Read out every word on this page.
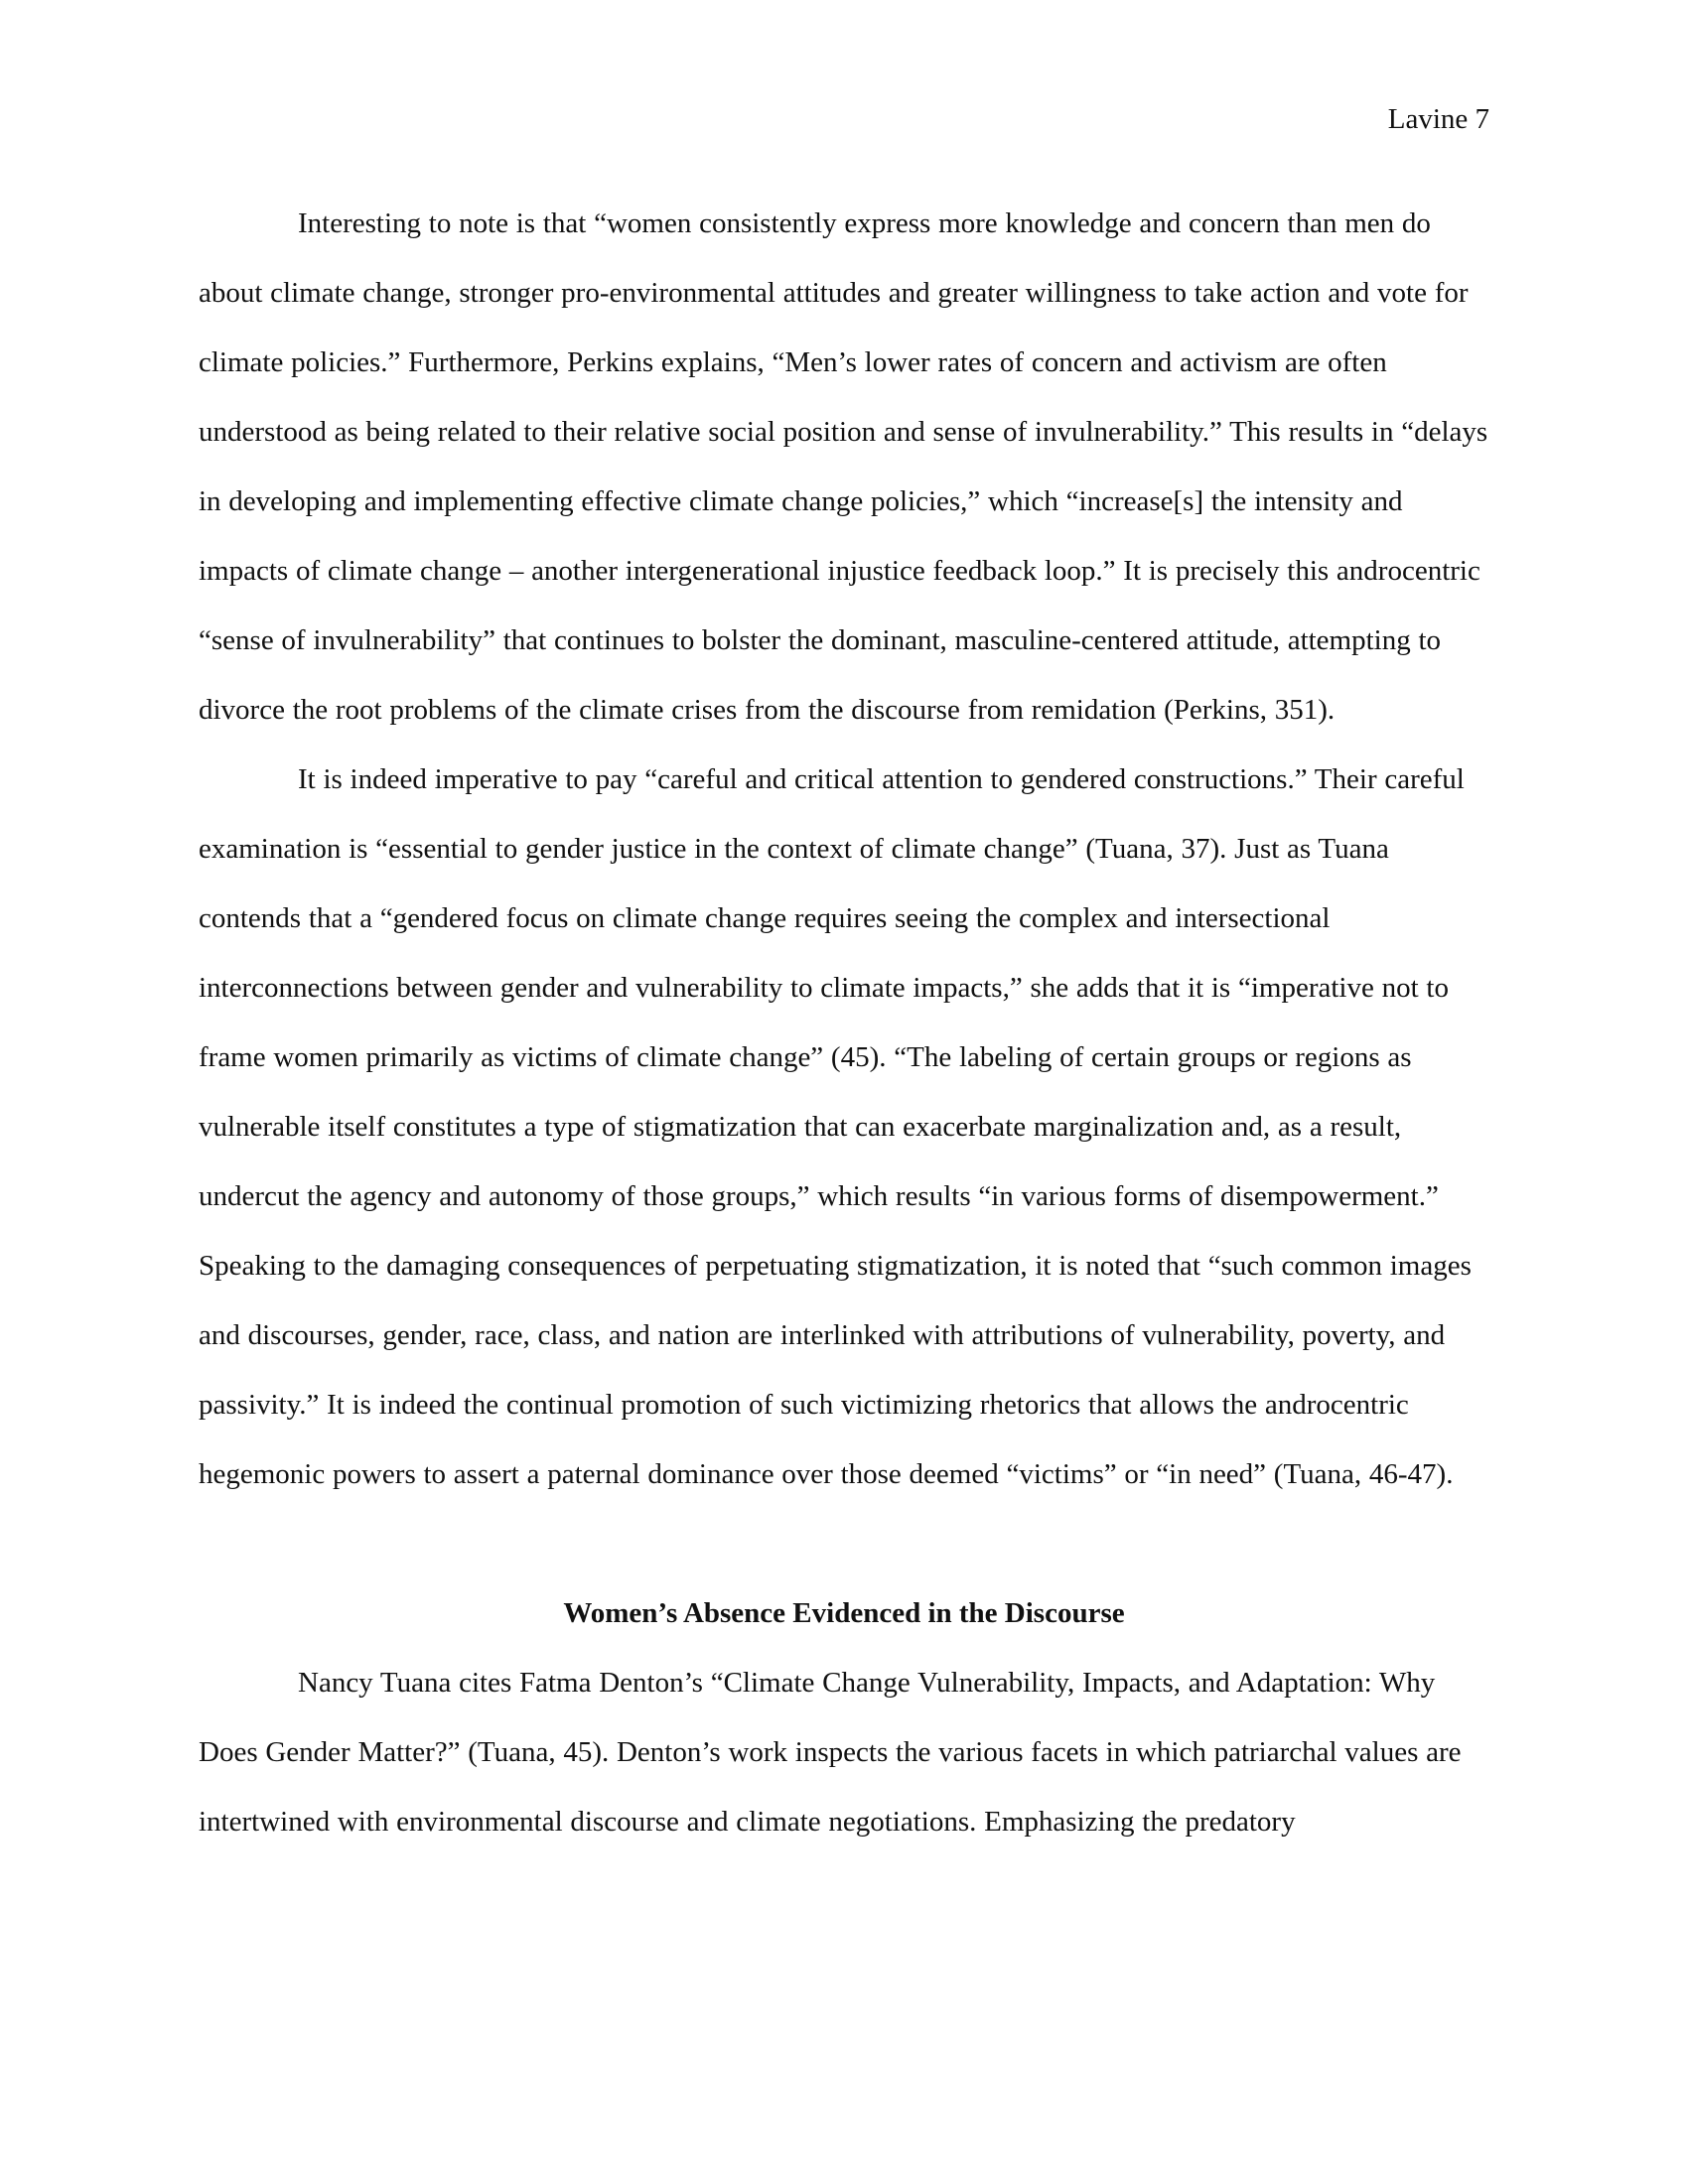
Lavine 7

Interesting to note is that “women consistently express more knowledge and concern than men do about climate change, stronger pro-environmental attitudes and greater willingness to take action and vote for climate policies.” Furthermore, Perkins explains, “Men’s lower rates of concern and activism are often understood as being related to their relative social position and sense of invulnerability.” This results in “delays in developing and implementing effective climate change policies,” which “increase[s] the intensity and impacts of climate change – another intergenerational injustice feedback loop.” It is precisely this androcentric “sense of invulnerability” that continues to bolster the dominant, masculine-centered attitude, attempting to divorce the root problems of the climate crises from the discourse from remidation (Perkins, 351).

It is indeed imperative to pay “careful and critical attention to gendered constructions.” Their careful examination is “essential to gender justice in the context of climate change” (Tuana, 37). Just as Tuana contends that a “gendered focus on climate change requires seeing the complex and intersectional interconnections between gender and vulnerability to climate impacts,” she adds that it is “imperative not to frame women primarily as victims of climate change” (45). “The labeling of certain groups or regions as vulnerable itself constitutes a type of stigmatization that can exacerbate marginalization and, as a result, undercut the agency and autonomy of those groups,” which results “in various forms of disempowerment.” Speaking to the damaging consequences of perpetuating stigmatization, it is noted that “such common images and discourses, gender, race, class, and nation are interlinked with attributions of vulnerability, poverty, and passivity.” It is indeed the continual promotion of such victimizing rhetorics that allows the androcentric hegemonic powers to assert a paternal dominance over those deemed “victims” or “in need” (Tuana, 46-47).

Women’s Absence Evidenced in the Discourse

Nancy Tuana cites Fatma Denton’s “Climate Change Vulnerability, Impacts, and Adaptation: Why Does Gender Matter?” (Tuana, 45). Denton’s work inspects the various facets in which patriarchal values are intertwined with environmental discourse and climate negotiations. Emphasizing the predatory
